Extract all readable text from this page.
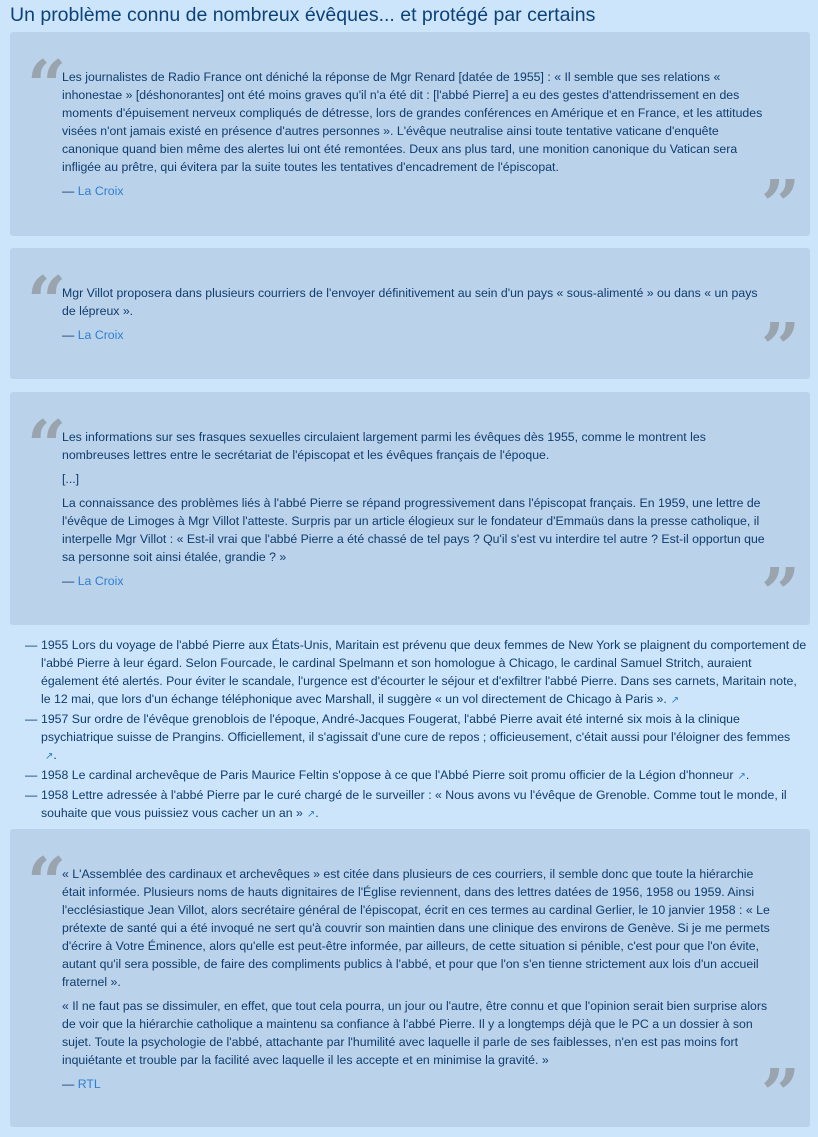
Un problème connu de nombreux évêques... et protégé par certains
“ Les journalistes de Radio France ont déniché la réponse de Mgr Renard [datée de 1955] : « Il semble que ses relations « inhonestae » [déshonorantes] ont été moins graves qu'il n'a été dit : [l'abbé Pierre] a eu des gestes d'attendrissement en des moments d'épuisement nerveux compliqués de détresse, lors de grandes conférences en Amérique et en France, et les attitudes visées n'ont jamais existé en présence d'autres personnes ». L'évêque neutralise ainsi toute tentative vaticane d'enquête canonique quand bien même des alertes lui ont été remontées. Deux ans plus tard, une monition canonique du Vatican sera infligée au prêtre, qui évitera par la suite toutes les tentatives d'encadrement de l'épiscopat.

— La Croix	”
“ Mgr Villot proposera dans plusieurs courriers de l'envoyer définitivement au sein d'un pays « sous-alimenté » ou dans « un pays de lépreux ».

— La Croix	”
“ Les informations sur ses frasques sexuelles circulaient largement parmi les évêques dès 1955, comme le montrent les nombreuses lettres entre le secrétariat de l'épiscopat et les évêques français de l'époque.

[...]

La connaissance des problèmes liés à l'abbé Pierre se répand progressivement dans l'épiscopat français. En 1959, une lettre de l'évêque de Limoges à Mgr Villot l'atteste. Surpris par un article élogieux sur le fondateur d'Emmaüs dans la presse catholique, il interpelle Mgr Villot : « Est-il vrai que l'abbé Pierre a été chassé de tel pays ? Qu'il s'est vu interdire tel autre ? Est-il opportun que sa personne soit ainsi étalée, grandie ? »

— La Croix	”
— 1955 Lors du voyage de l'abbé Pierre aux États-Unis, Maritain est prévenu que deux femmes de New York se plaignent du comportement de l'abbé Pierre à leur égard. Selon Fourcade, le cardinal Spelmann et son homologue à Chicago, le cardinal Samuel Stritch, auraient également été alertés. Pour éviter le scandale, l'urgence est d'écourter le séjour et d'exfiltrer l'abbé Pierre. Dans ses carnets, Maritain note, le 12 mai, que lors d'un échange téléphonique avec Marshall, il suggère « un vol directement de Chicago à Paris ». ↗
— 1957 Sur ordre de l'évêque grenoblois de l'époque, André-Jacques Fougerat, l'abbé Pierre avait été interné six mois à la clinique psychiatrique suisse de Prangins. Officiellement, il s'agissait d'une cure de repos ; officieusement, c'était aussi pour l'éloigner des femmes ↗.
— 1958 Le cardinal archevêque de Paris Maurice Feltin s'oppose à ce que l'Abbé Pierre soit promu officier de la Légion d'honneur ↗.
— 1958 Lettre adressée à l'abbé Pierre par le curé chargé de le surveiller : « Nous avons vu l'évêque de Grenoble. Comme tout le monde, il souhaite que vous puissiez vous cacher un an » ↗.
“ « L'Assemblée des cardinaux et archevêques » est citée dans plusieurs de ces courriers, il semble donc que toute la hiérarchie était informée. Plusieurs noms de hauts dignitaires de l'Église reviennent, dans des lettres datées de 1956, 1958 ou 1959. Ainsi l'ecclésiastique Jean Villot, alors secrétaire général de l'épiscopat, écrit en ces termes au cardinal Gerlier, le 10 janvier 1958 : « Le prétexte de santé qui a été invoqué ne sert qu'à couvrir son maintien dans une clinique des environs de Genève. Si je me permets d'écrire à Votre Éminence, alors qu'elle est peut-être informée, par ailleurs, de cette situation si pénible, c'est pour que l'on évite, autant qu'il sera possible, de faire des compliments publics à l'abbé, et pour que l'on s'en tienne strictement aux lois d'un accueil fraternel ».

« Il ne faut pas se dissimuler, en effet, que tout cela pourra, un jour ou l'autre, être connu et que l'opinion serait bien surprise alors de voir que la hiérarchie catholique a maintenu sa confiance à l'abbé Pierre. Il y a longtemps déjà que le PC a un dossier à son sujet. Toute la psychologie de l'abbé, attachante par l'humilité avec laquelle il parle de ses faiblesses, n'en est pas moins fort inquiétante et trouble par la facilité avec laquelle il les accepte et en minimise la gravité. »

— RTL	”
